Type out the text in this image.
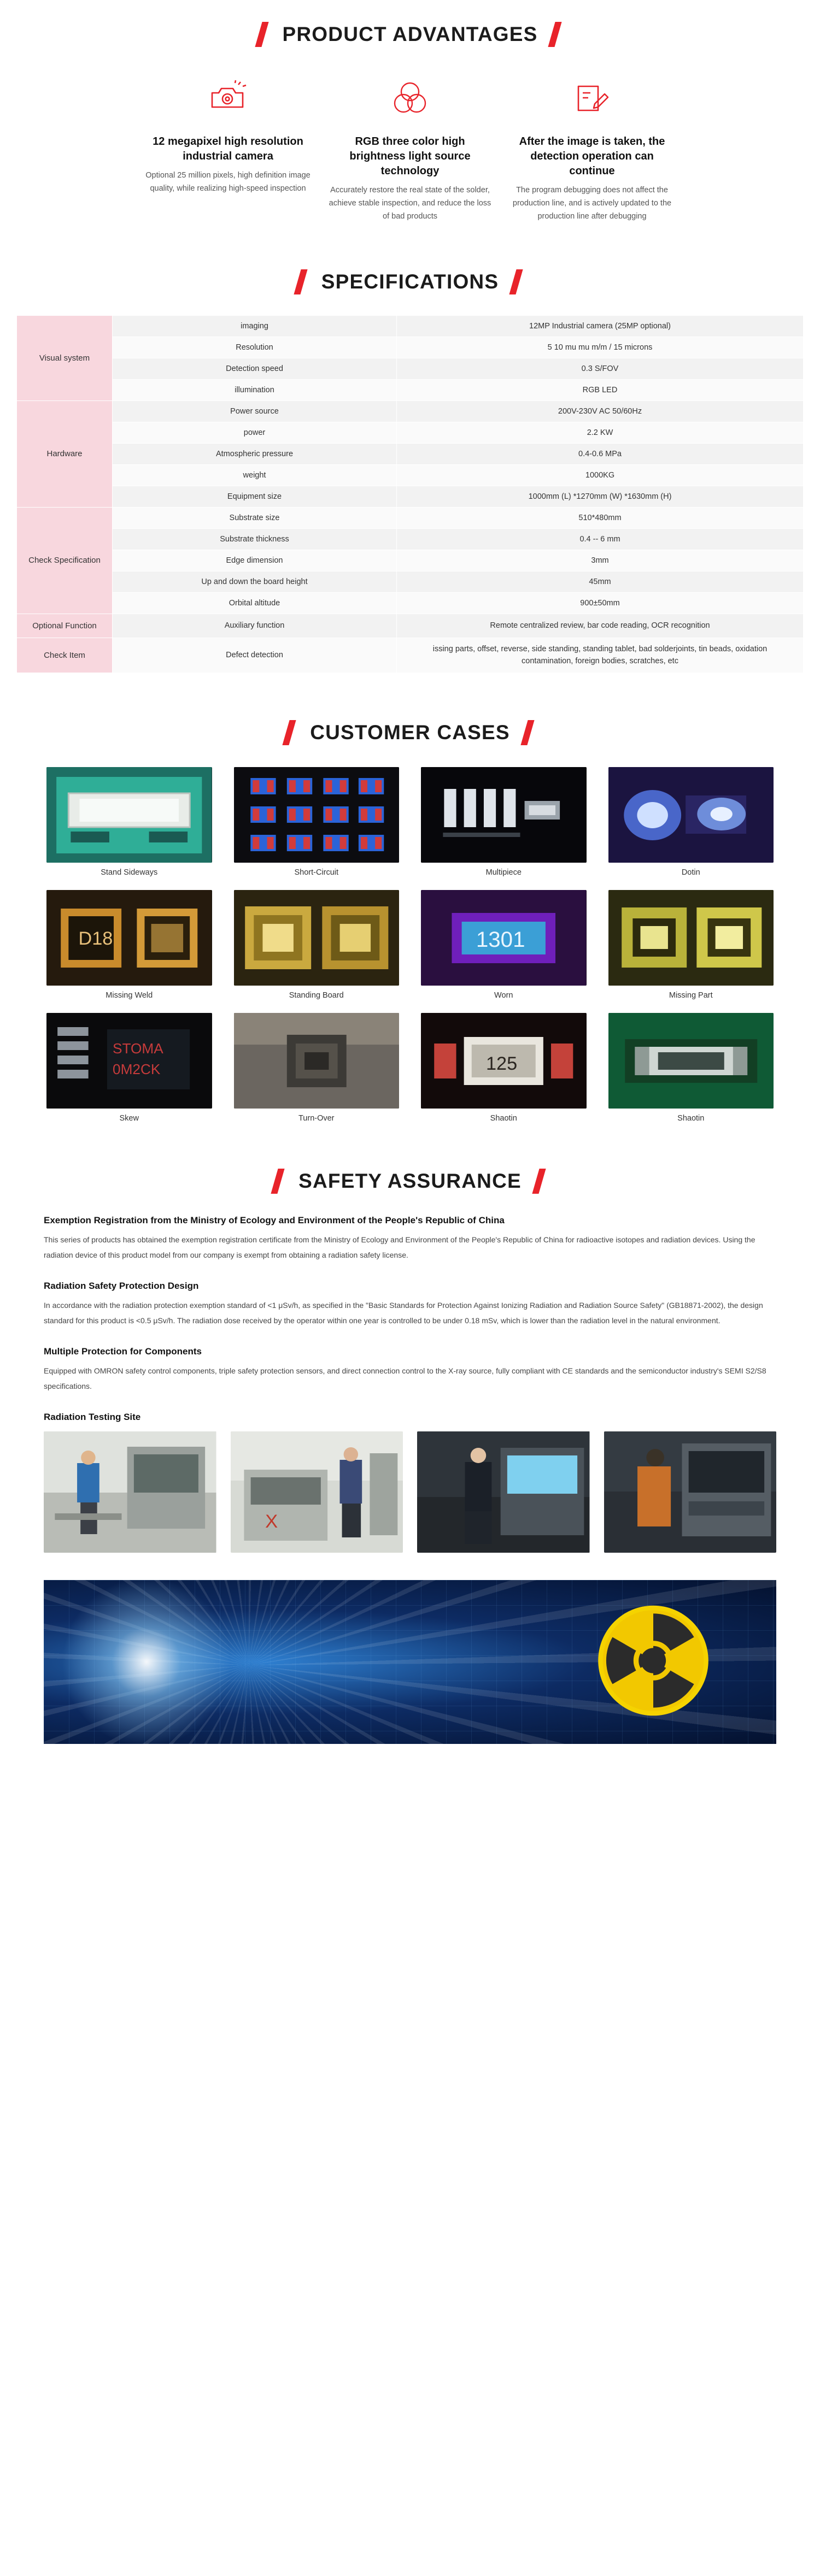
PRODUCT ADVANTAGES
12 megapixel high resolution industrial camera
Optional 25 million pixels, high definition image quality, while realizing high-speed inspection
RGB three color high brightness light source technology
Accurately restore the real state of the solder, achieve stable inspection, and reduce the loss of bad products
After the image is taken, the detection operation can continue
The program debugging does not affect the production line, and is actively updated to the production line after debugging
SPECIFICATIONS
Visual system	imaging	12MP Industrial camera (25MP optional)
	Resolution	5 10 mu mu m/m / 15 microns
	Detection speed	0.3 S/FOV
	illumination	RGB LED
Hardware	Power source	200V-230V AC 50/60Hz
	power	2.2 KW
	Atmospheric pressure	0.4-0.6 MPa
	weight	1000KG
	Equipment size	1000mm (L) *1270mm (W) *1630mm (H)
Check Specification	Substrate size	510*480mm
	Substrate thickness	0.4 -- 6 mm
	Edge dimension	3mm
	Up and down the board height	45mm
	Orbital altitude	900±50mm
Optional Function	Auxiliary function	Remote centralized review, bar code reading, OCR recognition
Check Item	Defect detection	issing parts, offset, reverse, side standing, standing tablet, bad solderjoints, tin beads, oxidation contamination, foreign bodies, scratches, etc
CUSTOMER CASES
Stand Sideways	Short-Circuit	Multipiece	Dotin
D18
Missing Weld	Standing Board
1301
Worn	Missing Part
STOMA
0M2CK
Skew	Turn-Over
125
Shaotin	Shaotin
SAFETY ASSURANCE
Exemption Registration from the Ministry of Ecology and Environment of the People's Republic of China
This series of products has obtained the exemption registration certificate from the Ministry of Ecology and Environment of the People's Republic of China for radioactive isotopes and radiation devices. Using the radiation device of this product model from our company is exempt from obtaining a radiation safety license.
Radiation Safety Protection Design
In accordance with the radiation protection exemption standard of <1 μSv/h, as specified in the "Basic Standards for Protection Against Ionizing Radiation and Radiation Source Safety" (GB18871-2002), the design standard for this product is <0.5 μSv/h. The radiation dose received by the operator within one year is controlled to be under 0.18 mSv, which is lower than the radiation level in the natural environment.
Multiple Protection for Components
Equipped with OMRON safety control components, triple safety protection sensors, and direct connection control to the X-ray source, fully compliant with CE standards and the semiconductor industry's SEMI S2/S8 specifications.
Radiation Testing Site
X
